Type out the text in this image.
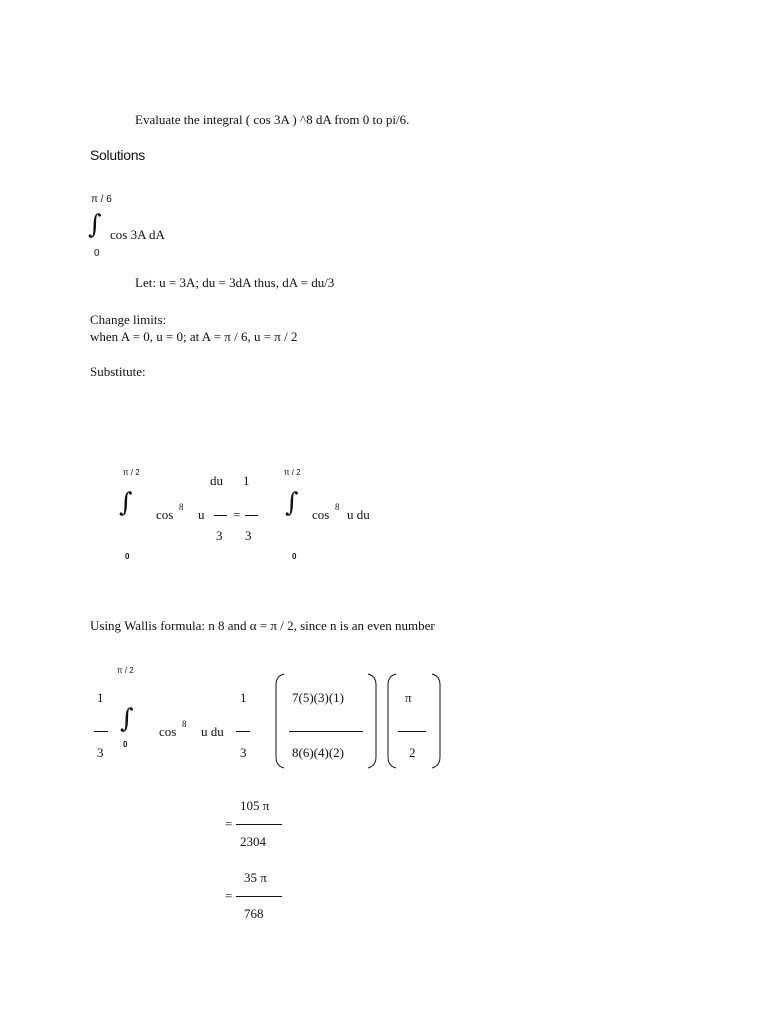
Evaluate the integral ( cos 3A ) ^8 dA from 0 to pi/6.
Solutions
π / 6
∫ cos 3A dA
0
Let: u = 3A; du = 3dA thus, dA = du/3
Change limits:
when A = 0, u = 0; at A = π / 6, u = π / 2
Substitute:
π / 2
∫
0
cos 8 u
du
3
=
1
3
π / 2
∫
0
cos 8 u du
Using Wallis formula: n 8 and α = π / 2, since n is an even number
1
3
π / 2
∫
0
cos 8 u du
1
3
7(5)(3)(1)
8(6)(4)(2)
π
2
=
105 π
2304
=
35 π
768
